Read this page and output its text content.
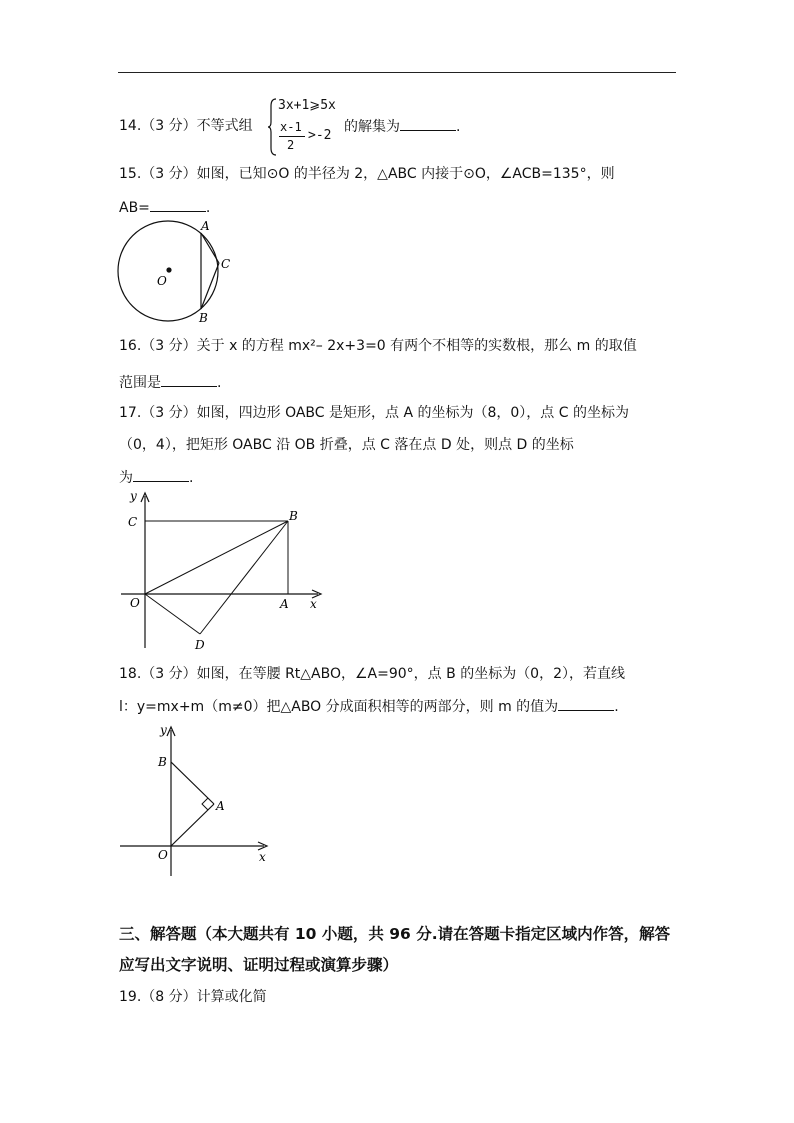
14.（3 分）不等式组
3x+1⩾5x
x-1
2
>-2
的解集为	.
15.（3 分）如图，已知⊙O 的半径为 2，△ABC 内接于⊙O，∠ACB=135°，则
AB=	.
A
C
B
O
16.（3 分）关于 x 的方程 mx²– 2x+3=0 有两个不相等的实数根，那么 m 的取值
范围是	.
17.（3 分）如图，四边形 OABC 是矩形，点 A 的坐标为（8，0），点 C 的坐标为
（0，4），把矩形 OABC 沿 OB 折叠，点 C 落在点 D 处，则点 D 的坐标
为	.
y
C	B
O	A x
D
18.（3 分）如图，在等腰 Rt△ABO，∠A=90°，点 B 的坐标为（0，2），若直线
l：y=mx+m（m≠0）把△ABO 分成面积相等的两部分，则 m 的值为	.
y
B
A
O	x
三、解答题（本大题共有 10 小题，共 96 分.请在答题卡指定区域内作答，解答
应写出文字说明、证明过程或演算步骤）
19.（8 分）计算或化简
